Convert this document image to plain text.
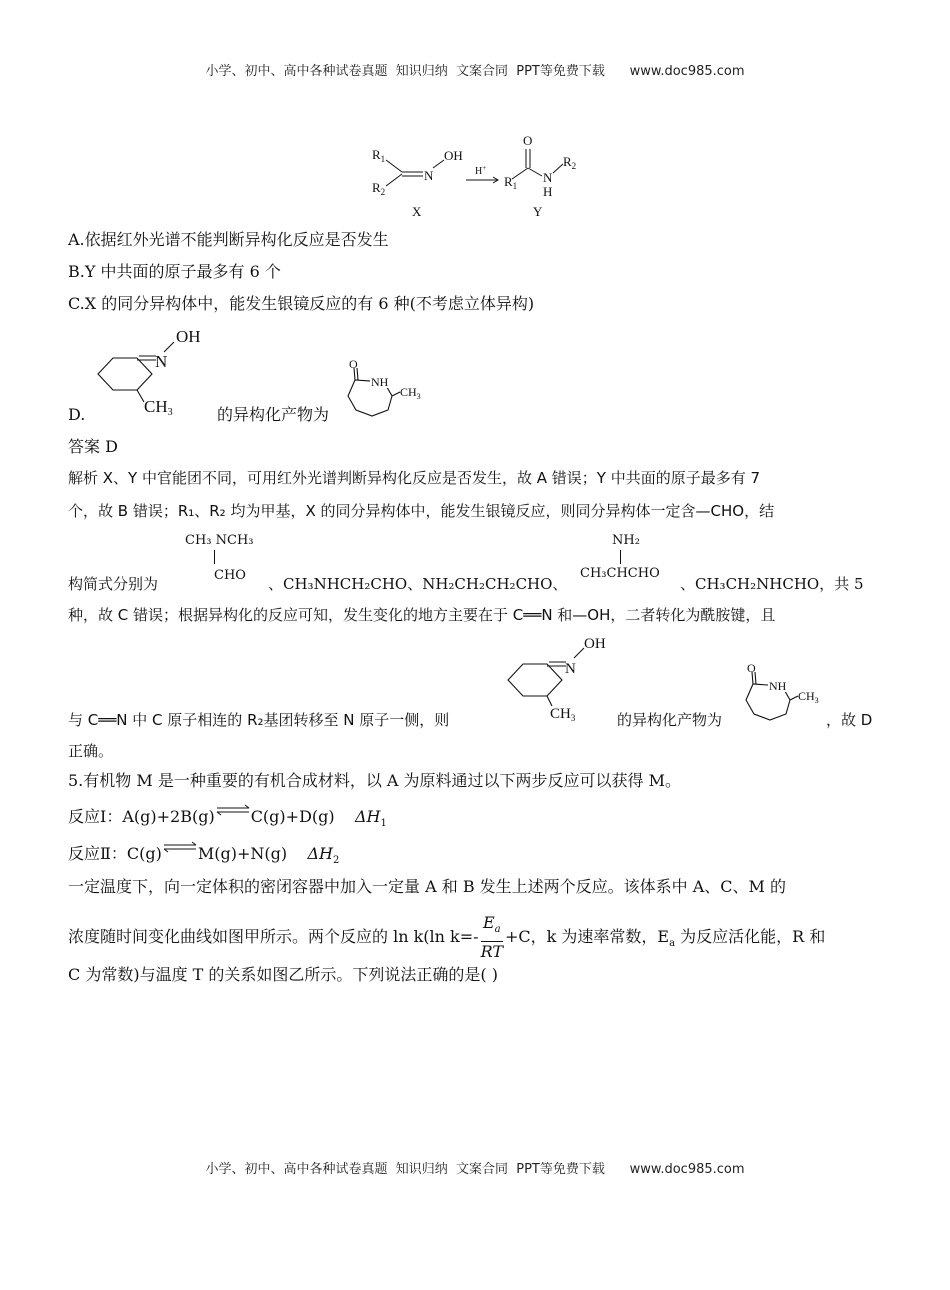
小学、初中、高中各种试卷真题  知识归纳  文案合同  PPT等免费下载      www.doc985.com
$R_1$
$R_2$
N
OH
H+
O
$R_1$
N
H
$R_2$
X	Y
A.依据红外光谱不能判断异构化反应是否发生
B.Y 中共面的原子最多有 6 个
C.X 的同分异构体中，能发生银镜反应的有 6 种(不考虑立体异构)
D.
N
OH
CH3	的异构化产物为
O
NH
$CH_3$
答案 D
解析 X、Y 中官能团不同，可用红外光谱判断异构化反应是否发生，故 A 错误；Y 中共面的原子最多有 7
个，故 B 错误；R₁、R₂ 均为甲基，X 的同分异构体中，能发生银镜反应，则同分异构体一定含—CHO，结
构简式分别为
CH₃ NCH₃
CHO 、CH₃NHCH₂CHO、NH₂CH₂CH₂CHO、
NH₂
CH₃CHCHO
、CH₃CH₂NHCHO，共 5
种，故 C 错误；根据异构化的反应可知，发生变化的地方主要在于 C══N 和—OH，二者转化为酰胺键，且
与 C══N 中 C 原子相连的 R₂基团转移至 N 原子一侧，则
N
OH
$CH_3$	的异构化产物为
O
NH
$CH_3$
，故 D
正确。
5.有机物 M 是一种重要的有机合成材料，以 A 为原料通过以下两步反应可以获得 M。
反应Ⅰ：A(g)+2B(g)⇌C(g)+D(g) $\Delta H_1$
反应Ⅱ：C(g)⇌M(g)+N(g) $\Delta H_2$
一定温度下，向一定体积的密闭容器中加入一定量 A 和 B 发生上述两个反应。该体系中 A、C、M 的
浓度随时间变化曲线如图甲所示。两个反应的 ln k(ln $k=- \frac{E_a}{RT} +C$，k 为速率常数，$E_a$ 为反应活化能，R 和
C 为常数)与温度 T 的关系如图乙所示。下列说法正确的是( )
小学、初中、高中各种试卷真题  知识归纳  文案合同  PPT等免费下载      www.doc985.com
